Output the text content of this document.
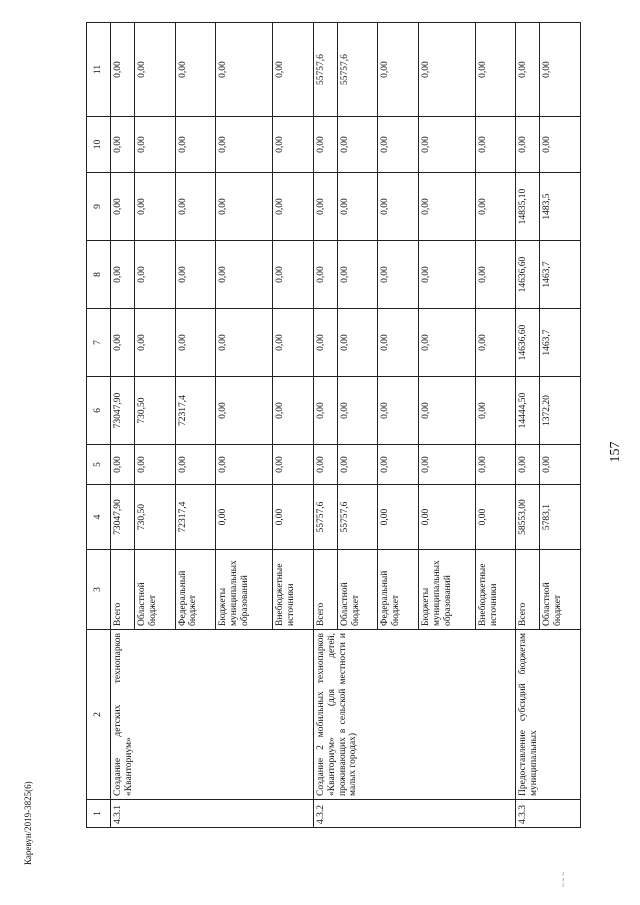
157
Каревун/2019-3825(6)	1	2	3	4	5	6	7	8	9	10	11
4.3.1	Создание детских технопарков «Кванториум»	Всего	73047,90	0,00	73047,90	0,00	0,00	0,00	0,00	0,00
		Областной бюджет	730,50	0,00	730,50	0,00	0,00	0,00	0,00	0,00
		Федеральный бюджет	72317,4	0,00	72317,4	0,00	0,00	0,00	0,00	0,00
		Бюджеты муниципальных образований	0,00	0,00	0,00	0,00	0,00	0,00	0,00	0,00
		Внебюджетные источники	0,00	0,00	0,00	0,00	0,00	0,00	0,00	0,00
4.3.2	Создание 2 мобильных технопарков «Кванториум» (для детей, проживающих в сельской местности и малых городах)	Всего	55757,6	0,00	0,00	0,00	0,00	0,00	0,00	55757,6
		Областной бюджет	55757,6	0,00	0,00	0,00	0,00	0,00	0,00	55757,6
		Федеральный бюджет	0,00	0,00	0,00	0,00	0,00	0,00	0,00	0,00
		Бюджеты муниципальных образований	0,00	0,00	0,00	0,00	0,00	0,00	0,00	0,00
		Внебюджетные источники	0,00	0,00	0,00	0,00	0,00	0,00	0,00	0,00
4.3.3	Предоставление субсидий бюджетам муниципальных	Всего	58553,00	0,00	14444,50	14636,60	14636,60	14835,10	0,00	0,00
		Областной бюджет	5783,1	0,00	1372,20	1463,7	1463,7	1483,5	0,00	0,00
~ ~ ~
